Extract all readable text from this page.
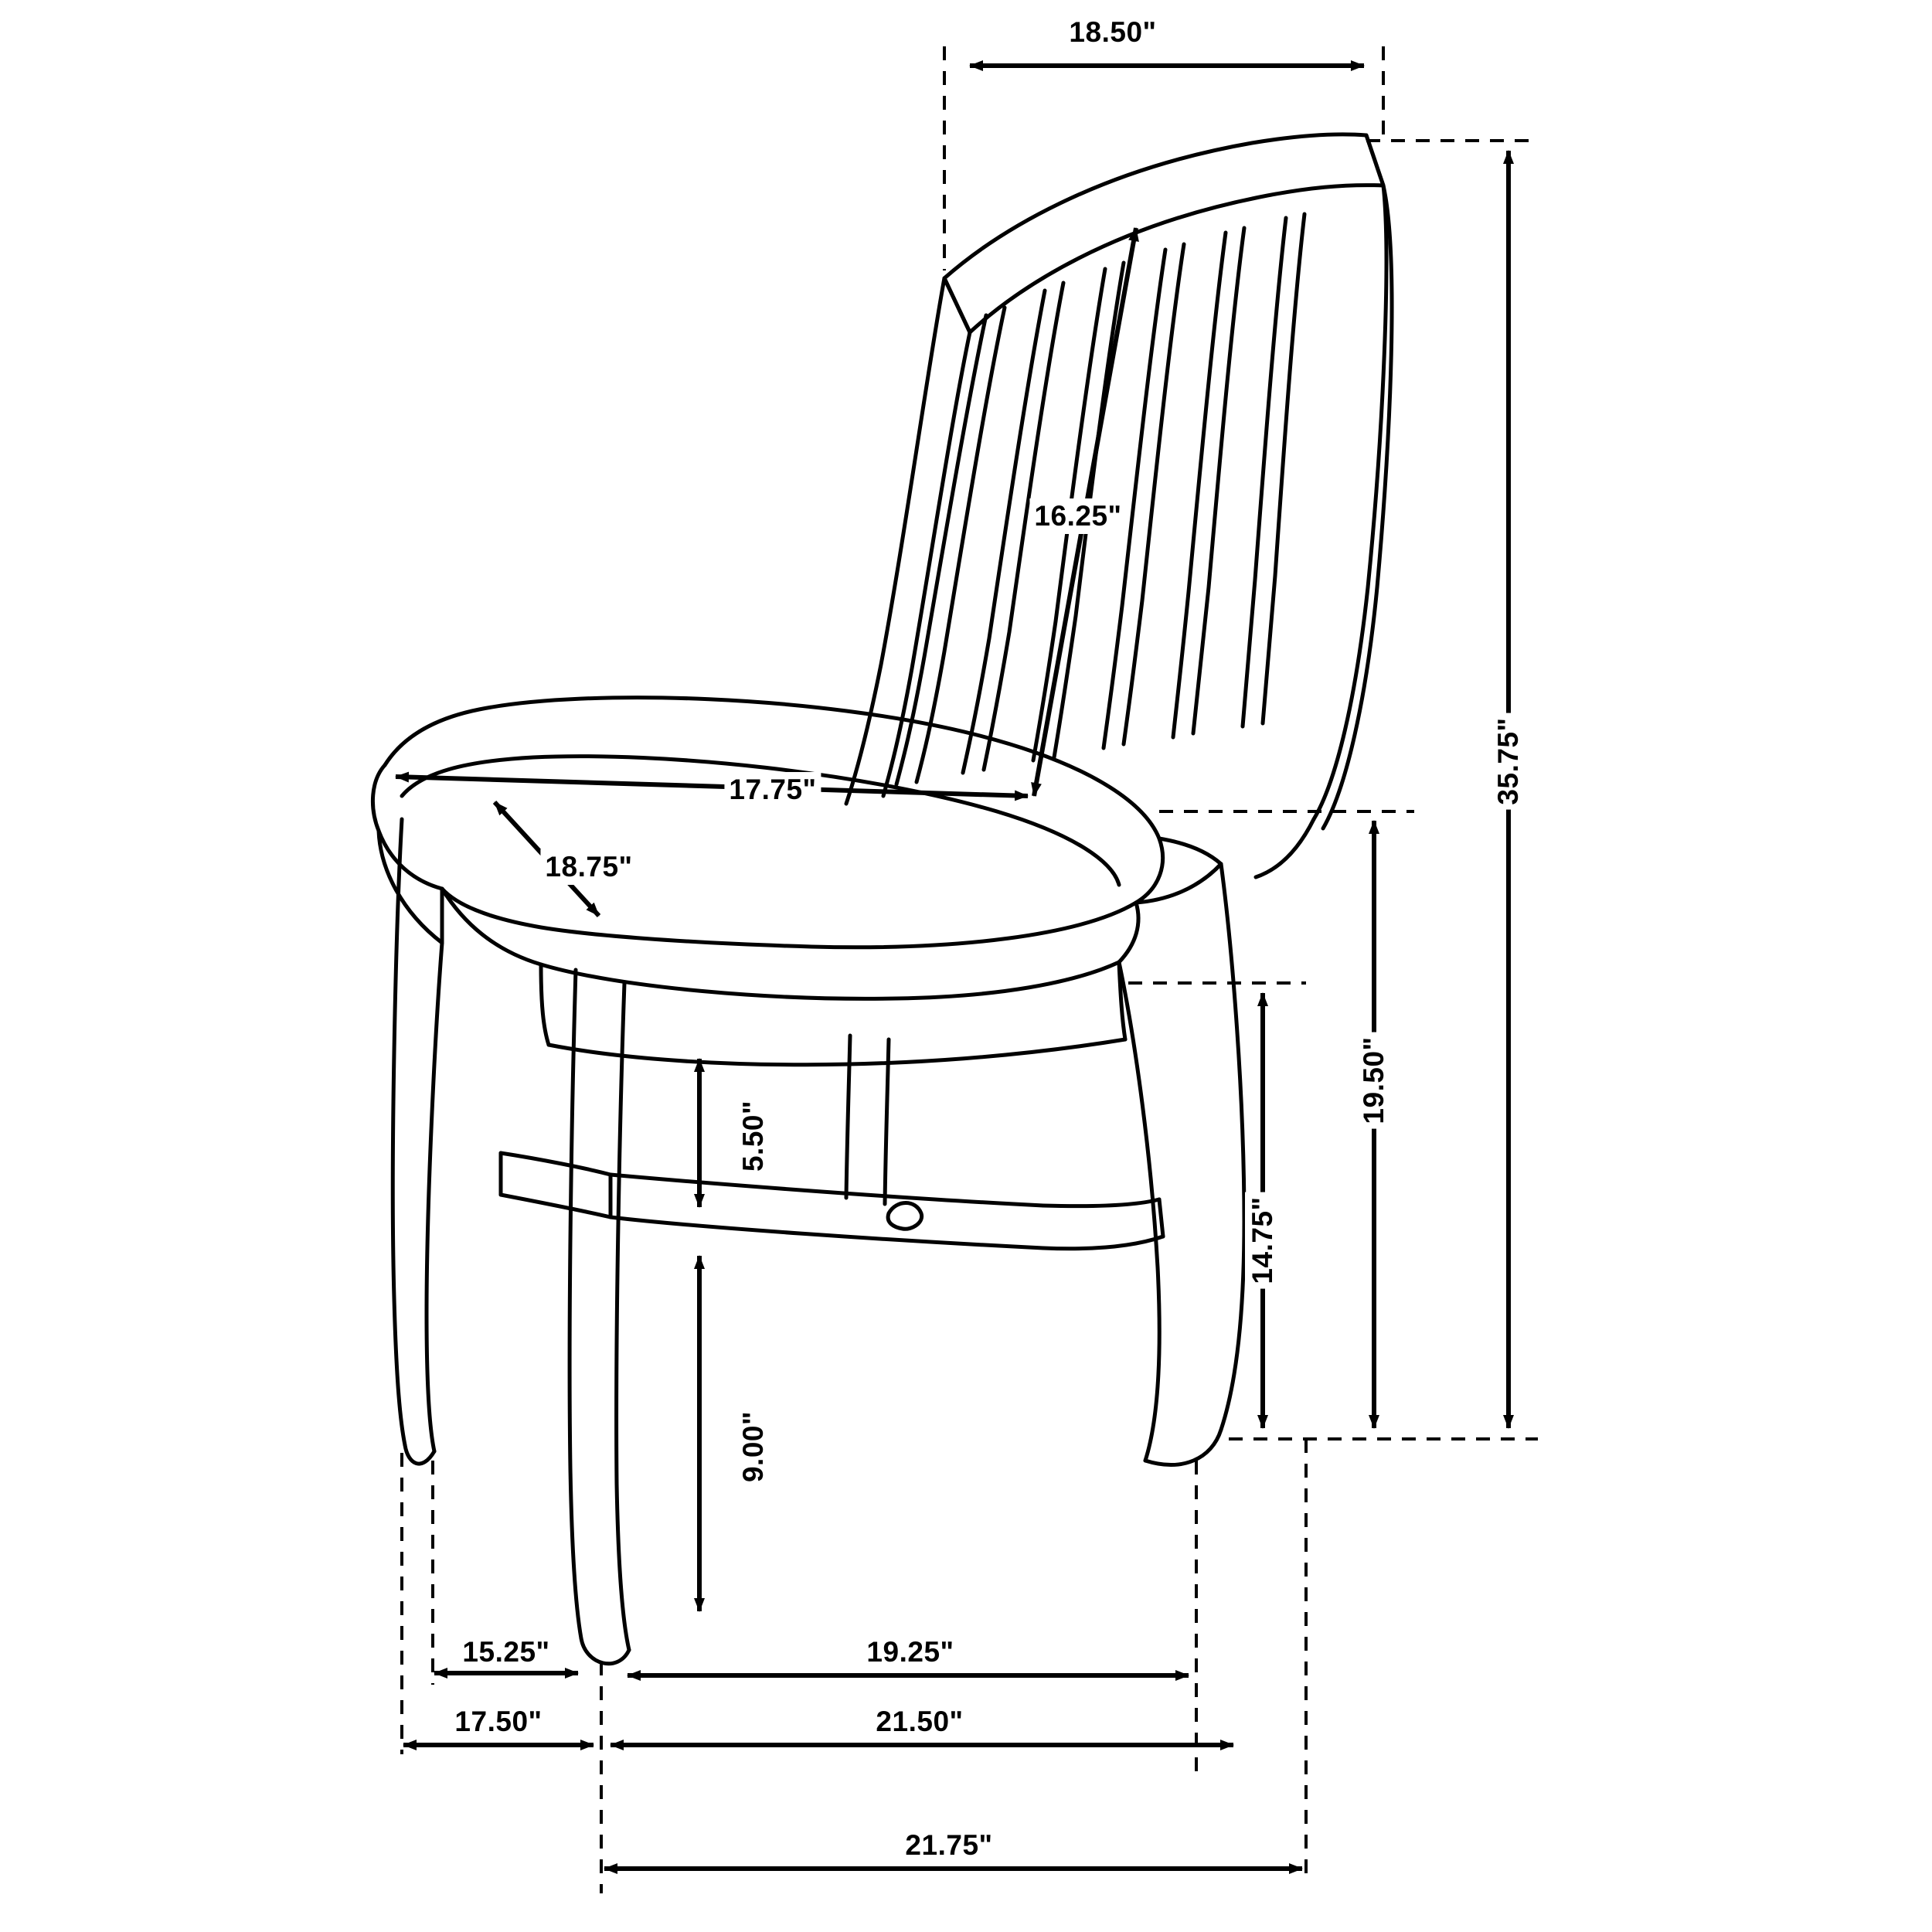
18.50"
35.75"
16.25"
17.75"
18.75"
19.50"
14.75"
5.50"
9.00"
15.25"	19.25"
17.50"	21.50"
21.75"
